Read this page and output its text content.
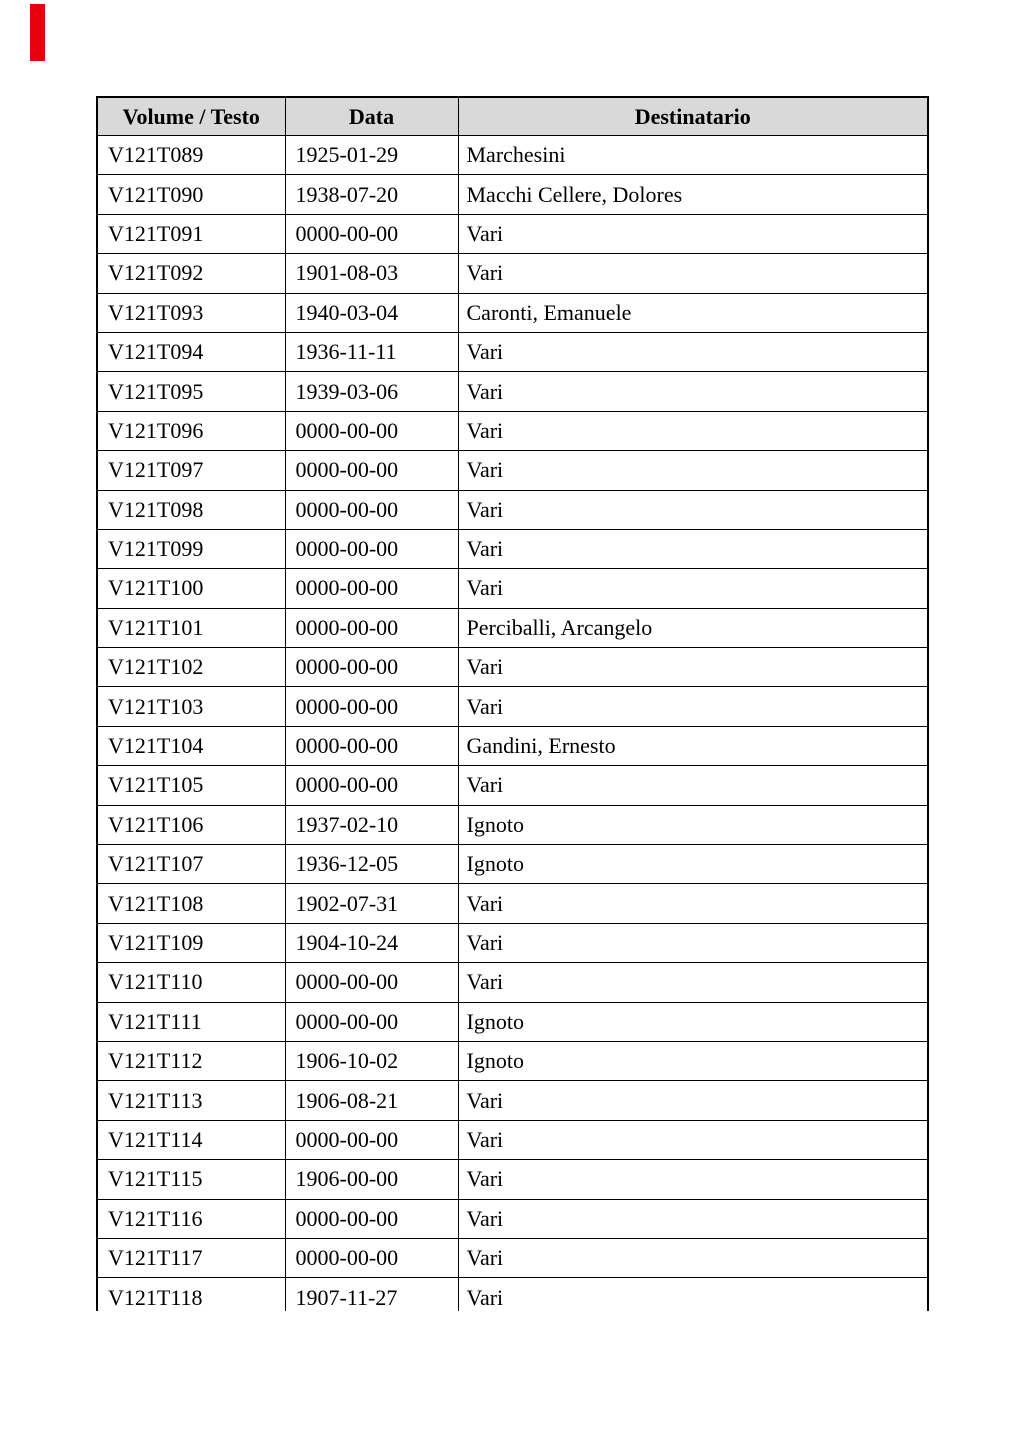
Volume / Testo	Data	Destinatario
V121T089	1925-01-29	Marchesini
V121T090	1938-07-20	Macchi Cellere, Dolores
V121T091	0000-00-00	Vari
V121T092	1901-08-03	Vari
V121T093	1940-03-04	Caronti, Emanuele
V121T094	1936-11-11	Vari
V121T095	1939-03-06	Vari
V121T096	0000-00-00	Vari
V121T097	0000-00-00	Vari
V121T098	0000-00-00	Vari
V121T099	0000-00-00	Vari
V121T100	0000-00-00	Vari
V121T101	0000-00-00	Perciballi, Arcangelo
V121T102	0000-00-00	Vari
V121T103	0000-00-00	Vari
V121T104	0000-00-00	Gandini, Ernesto
V121T105	0000-00-00	Vari
V121T106	1937-02-10	Ignoto
V121T107	1936-12-05	Ignoto
V121T108	1902-07-31	Vari
V121T109	1904-10-24	Vari
V121T110	0000-00-00	Vari
V121T111	0000-00-00	Ignoto
V121T112	1906-10-02	Ignoto
V121T113	1906-08-21	Vari
V121T114	0000-00-00	Vari
V121T115	1906-00-00	Vari
V121T116	0000-00-00	Vari
V121T117	0000-00-00	Vari
V121T118	1907-11-27	Vari
